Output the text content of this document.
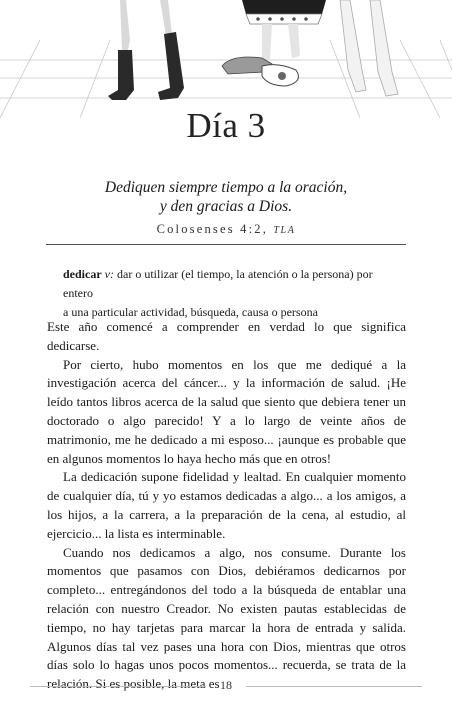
Día 3
Dediquen siempre tiempo a la oración,
y den gracias a Dios.
Colosenses 4:2, TLA
dedicar v: dar o utilizar (el tiempo, la atención o la persona) por entero
a una particular actividad, búsqueda, causa o persona

Este año comencé a comprender en verdad lo que significa dedicarse.

Por cierto, hubo momentos en los que me dediqué a la investigación acerca del cáncer... y la información de salud. ¡He leído tantos libros acerca de la salud que siento que debiera tener un doctorado o algo parecido! Y a lo largo de veinte años de matrimonio, me he dedicado a mi esposo... ¡aunque es probable que en algunos momentos lo haya hecho más que en otros!

La dedicación supone fidelidad y lealtad. En cualquier momento de cualquier día, tú y yo estamos dedicadas a algo... a los amigos, a los hijos, a la carrera, a la preparación de la cena, al estudio, al ejercicio... la lista es interminable.

Cuando nos dedicamos a algo, nos consume. Durante los momentos que pasamos con Dios, debiéramos dedicarnos por completo... entregándonos del todo a la búsqueda de entablar una relación con nuestro Creador. No existen pautas establecidas de tiempo, no hay tarjetas para marcar la hora de entrada y salida. Algunos días tal vez pases una hora con Dios, mientras que otros días solo lo hagas unos pocos momentos... recuerda, se trata de la relación. Si es posible, la meta es 18
